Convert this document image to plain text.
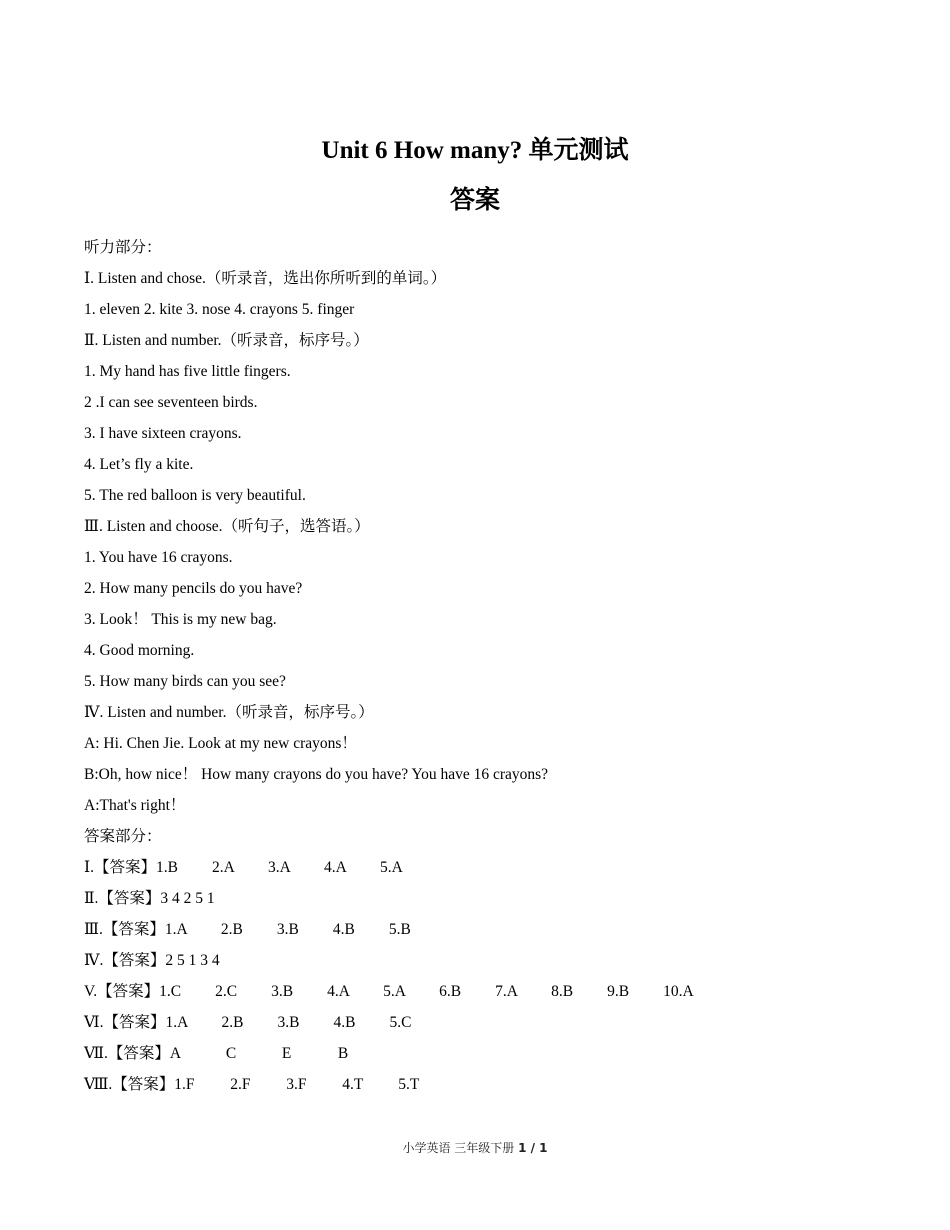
Unit 6 How many? 单元测试
答案
听力部分：
Ⅰ. Listen and chose.（听录音，选出你所听到的单词。）
1. eleven 2. kite 3. nose 4. crayons 5. finger
Ⅱ. Listen and number.（听录音，标序号。）
1. My hand has five little fingers.
2 .I can see seventeen birds.
3. I have sixteen crayons.
4. Let’s fly a kite.
5. The red balloon is very beautiful.
Ⅲ. Listen and choose.（听句子，选答语。）
1. You have 16 crayons.
2. How many pencils do you have?
3. Look！ This is my new bag.
4. Good morning.
5. How many birds can you see?
Ⅳ. Listen and number.（听录音，标序号。）
A: Hi. Chen Jie. Look at my new crayons！
B:Oh, how nice！ How many crayons do you have? You have 16 crayons?
A:That's right！
答案部分：
Ⅰ.【答案】 1.B	2.A	3.A	4.A	5.A
Ⅱ.【答案】 3 4 2 5 1
Ⅲ.【答案】 1.A	2.B	3.B	4.B	5.B
Ⅳ.【答案】 2 5 1 3 4
V.【答案】 1.C	2.C	3.B	4.A	5.A	6.B	7.A	8.B	9.B	10.A
Ⅵ.【答案】 1.A	2.B	3.B	4.B	5.C
Ⅶ.【答案】 A	C	E	B
Ⅷ.【答案】 1.F	2.F	3.F	4.T	5.T
小学英语 三年级下册 1 / 1
